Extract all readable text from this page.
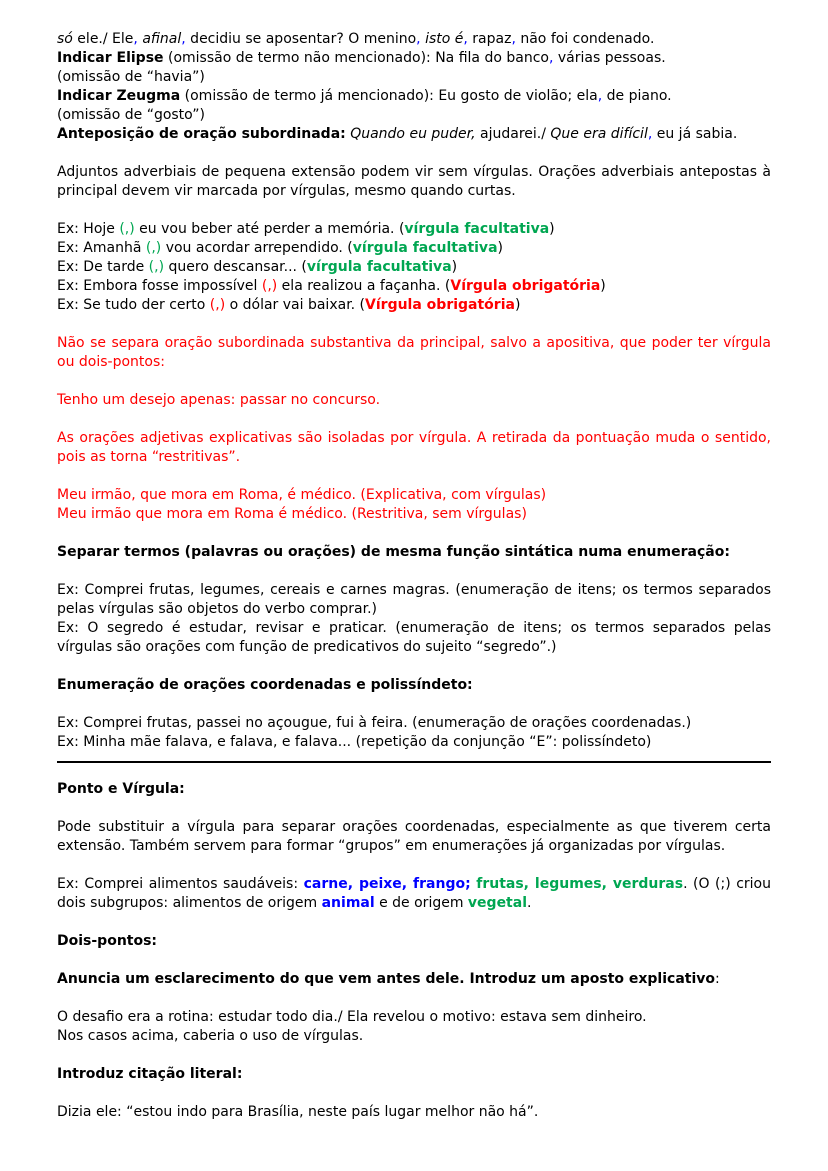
só ele./ Ele, afinal, decidiu se aposentar? O menino, isto é, rapaz, não foi condenado.
Indicar Elipse (omissão de termo não mencionado): Na fila do banco, várias pessoas.
(omissão de “havia”)
Indicar Zeugma (omissão de termo já mencionado): Eu gosto de violão; ela, de piano.
(omissão de “gosto”)
Anteposição de oração subordinada: Quando eu puder, ajudarei./ Que era difícil, eu já sabia.
Adjuntos adverbiais de pequena extensão podem vir sem vírgulas. Orações adverbiais antepostas à principal devem vir marcada por vírgulas, mesmo quando curtas.
Ex: Hoje (,) eu vou beber até perder a memória. (vírgula facultativa)
Ex: Amanhã (,) vou acordar arrependido. (vírgula facultativa)
Ex: De tarde (,) quero descansar... (vírgula facultativa)
Ex: Embora fosse impossível (,) ela realizou a façanha. (Vírgula obrigatória)
Ex: Se tudo der certo (,) o dólar vai baixar. (Vírgula obrigatória)
Não se separa oração subordinada substantiva da principal, salvo a apositiva, que poder ter vírgula ou dois-pontos:
Tenho um desejo apenas: passar no concurso.
As orações adjetivas explicativas são isoladas por vírgula. A retirada da pontuação muda o sentido, pois as torna “restritivas”.
Meu irmão, que mora em Roma, é médico. (Explicativa, com vírgulas)
Meu irmão que mora em Roma é médico. (Restritiva, sem vírgulas)
Separar termos (palavras ou orações) de mesma função sintática numa enumeração:
Ex: Comprei frutas, legumes, cereais e carnes magras. (enumeração de itens; os termos separados pelas vírgulas são objetos do verbo comprar.)
Ex: O segredo é estudar, revisar e praticar. (enumeração de itens; os termos separados pelas vírgulas são orações com função de predicativos do sujeito “segredo”.)
Enumeração de orações coordenadas e polissíndeto:
Ex: Comprei frutas, passei no açougue, fui à feira. (enumeração de orações coordenadas.)
Ex: Minha mãe falava, e falava, e falava... (repetição da conjunção “E”: polissíndeto)
Ponto e Vírgula:
Pode substituir a vírgula para separar orações coordenadas, especialmente as que tiverem certa extensão. Também servem para formar “grupos” em enumerações já organizadas por vírgulas.
Ex: Comprei alimentos saudáveis: carne, peixe, frango; frutas, legumes, verduras. (O (;) criou dois subgrupos: alimentos de origem animal e de origem vegetal.
Dois-pontos:
Anuncia um esclarecimento do que vem antes dele. Introduz um aposto explicativo:
O desafio era a rotina: estudar todo dia./ Ela revelou o motivo: estava sem dinheiro.
Nos casos acima, caberia o uso de vírgulas.
Introduz citação literal:
Dizia ele: “estou indo para Brasília, neste país lugar melhor não há”.
